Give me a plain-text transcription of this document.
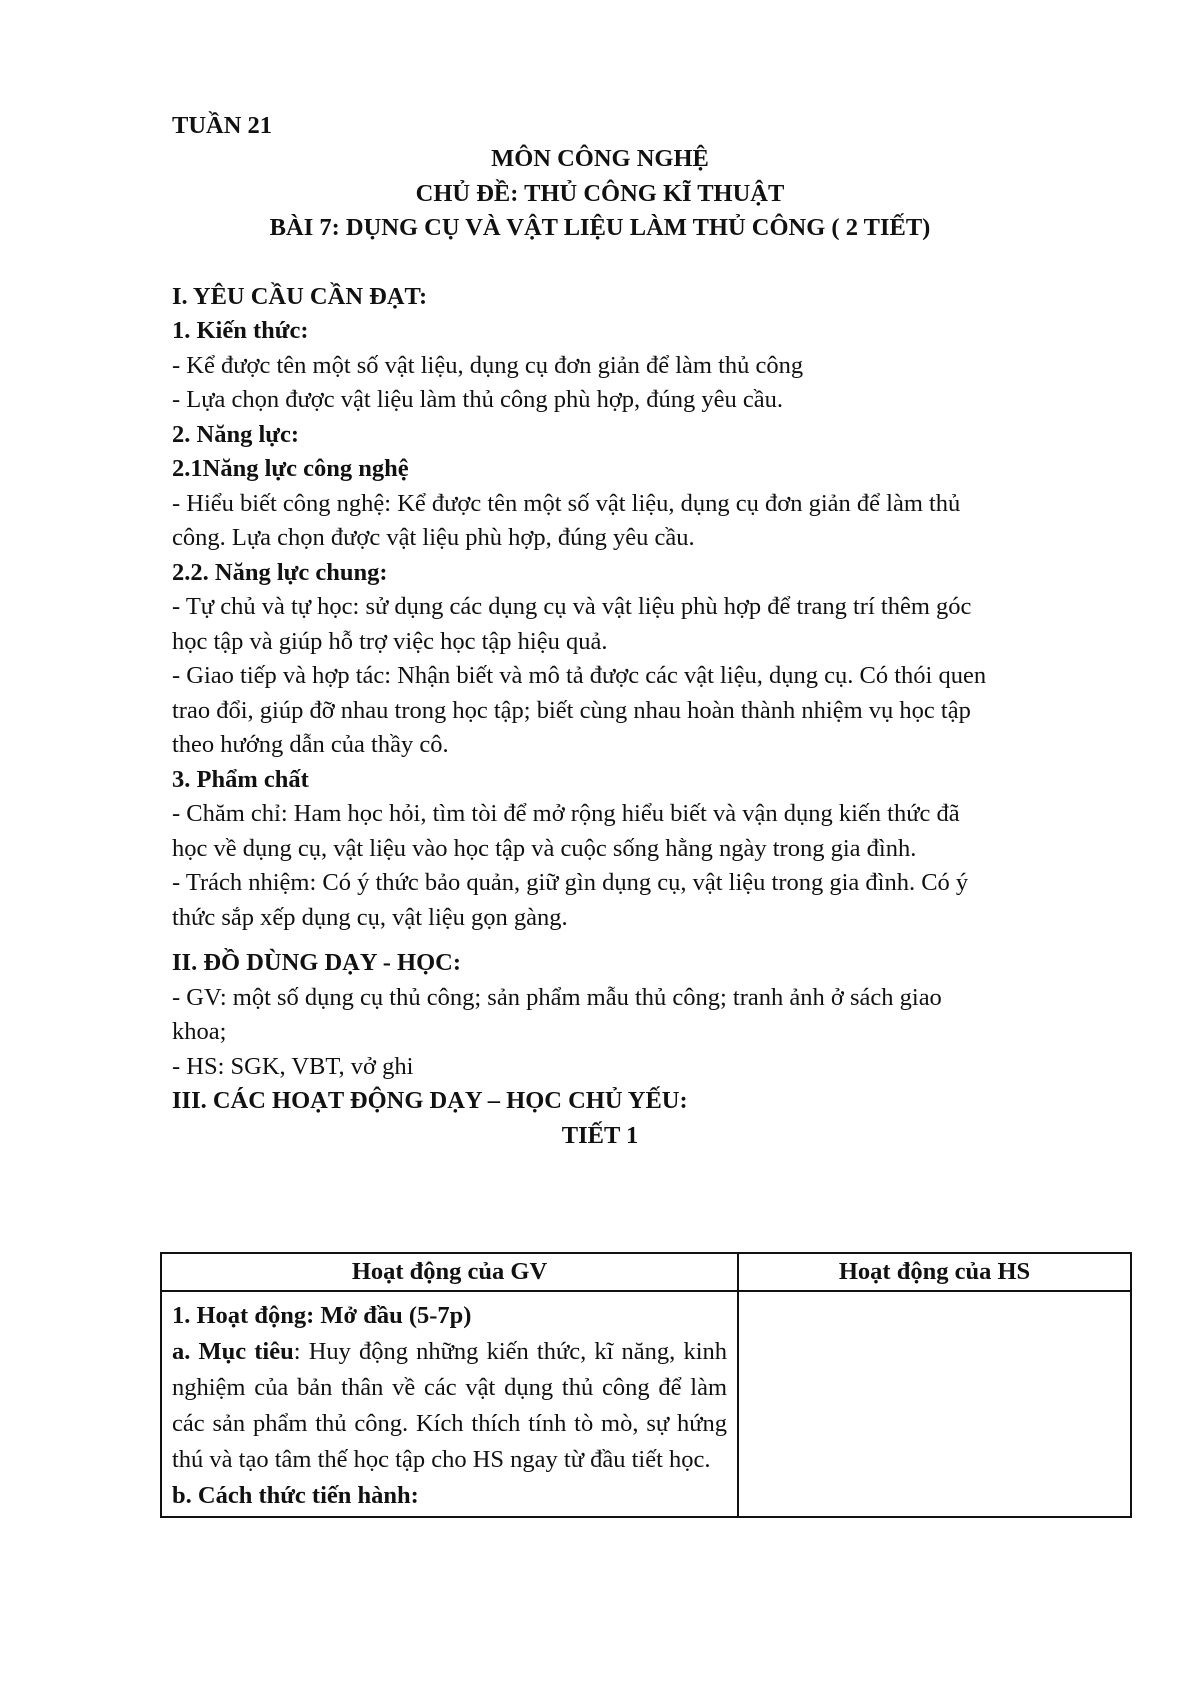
TUẦN 21
MÔN CÔNG NGHỆ
CHỦ ĐỀ: THỦ CÔNG KĨ THUẬT
BÀI 7: DỤNG CỤ VÀ VẬT LIỆU LÀM THỦ CÔNG ( 2 TIẾT)
I. YÊU CẦU CẦN ĐẠT:
1. Kiến thức:
- Kể được tên một số vật liệu, dụng cụ đơn giản để làm thủ công
- Lựa chọn được vật liệu làm thủ công phù hợp, đúng yêu cầu.
2. Năng lực:
2.1Năng lực công nghệ
- Hiểu biết công nghệ: Kể được tên một số vật liệu, dụng cụ đơn giản để làm thủ
công. Lựa chọn được vật liệu phù hợp, đúng yêu cầu.
2.2. Năng lực chung:
- Tự chủ và tự học: sử dụng các dụng cụ và vật liệu phù hợp để trang trí thêm góc
học tập và giúp hỗ trợ việc học tập hiệu quả.
- Giao tiếp và hợp tác: Nhận biết và mô tả được các vật liệu, dụng cụ. Có thói quen
trao đổi, giúp đỡ nhau trong học tập; biết cùng nhau hoàn thành nhiệm vụ học tập
theo hướng dẫn của thầy cô.
3. Phẩm chất
- Chăm chỉ: Ham học hỏi, tìm tòi để mở rộng hiểu biết và vận dụng kiến thức đã
học về dụng cụ, vật liệu vào học tập và cuộc sống hằng ngày trong gia đình.
- Trách nhiệm: Có ý thức bảo quản, giữ gìn dụng cụ, vật liệu trong gia đình. Có ý
thức sắp xếp dụng cụ, vật liệu gọn gàng.
II. ĐỒ DÙNG DẠY - HỌC:
- GV: một số dụng cụ thủ công; sản phẩm mẫu thủ công; tranh ảnh ở sách giao
khoa;
- HS: SGK, VBT, vở ghi
III. CÁC HOẠT ĐỘNG DẠY – HỌC CHỦ YẾU:
TIẾT 1
Hoạt động của GV	Hoạt động của HS

1. Hoạt động: Mở đầu (5-7p)

a. Mục tiêu: Huy động những kiến thức, kĩ năng, kinh nghiệm của bản thân về các vật dụng thủ công để làm các sản phẩm thủ công. Kích thích tính tò mò, sự hứng thú và tạo tâm thế học tập cho HS ngay từ đầu tiết học.

b. Cách thức tiến hành:	
